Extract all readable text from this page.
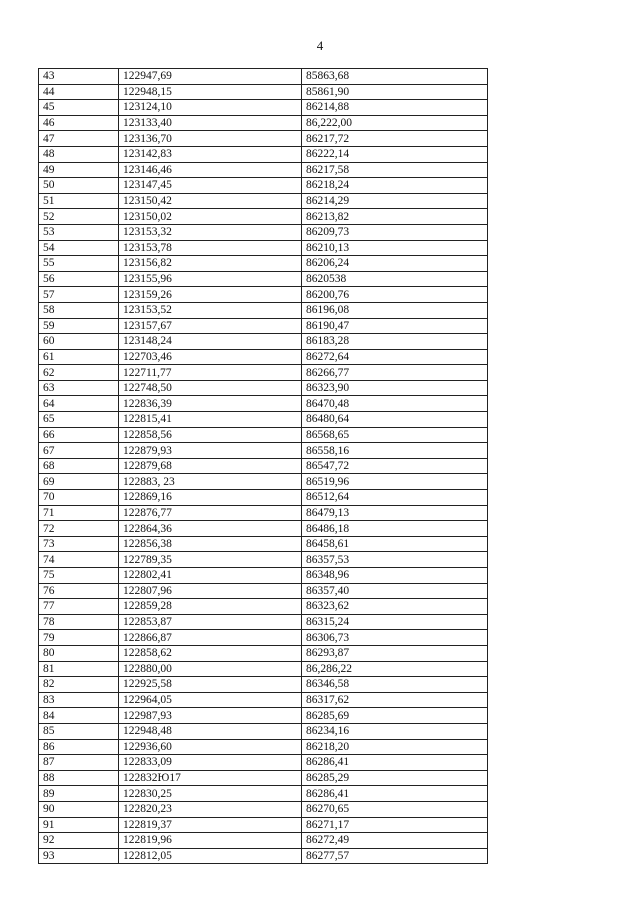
4
43	122947,69	85863,68
44	122948,15	85861,90
45	123124,10	86214,88
46	123133,40	86,222,00
47	123136,70	86217,72
48	123142,83	86222,14
49	123146,46	86217,58
50	123147,45	86218,24
51	123150,42	86214,29
52	123150,02	86213,82
53	123153,32	86209,73
54	123153,78	86210,13
55	123156,82	86206,24
56	123155,96	8620538
57	123159,26	86200,76
58	123153,52	86196,08
59	123157,67	86190,47
60	123148,24	86183,28
61	122703,46	86272,64
62	122711,77	86266,77
63	122748,50	86323,90
64	122836,39	86470,48
65	122815,41	86480,64
66	122858,56	86568,65
67	122879,93	86558,16
68	122879,68	86547,72
69	122883, 23	86519,96
70	122869,16	86512,64
71	122876,77	86479,13
72	122864,36	86486,18
73	122856,38	86458,61
74	122789,35	86357,53
75	122802,41	86348,96
76	122807,96	86357,40
77	122859,28	86323,62
78	122853,87	86315,24
79	122866,87	86306,73
80	122858,62	86293,87
81	122880,00	86,286,22
82	122925,58	86346,58
83	122964,05	86317,62
84	122987,93	86285,69
85	122948,48	86234,16
86	122936,60	86218,20
87	122833,09	86286,41
88	122832Ю17	86285,29
89	122830,25	86286,41
90	122820,23	86270,65
91	122819,37	86271,17
92	122819,96	86272,49
93	122812,05	86277,57
